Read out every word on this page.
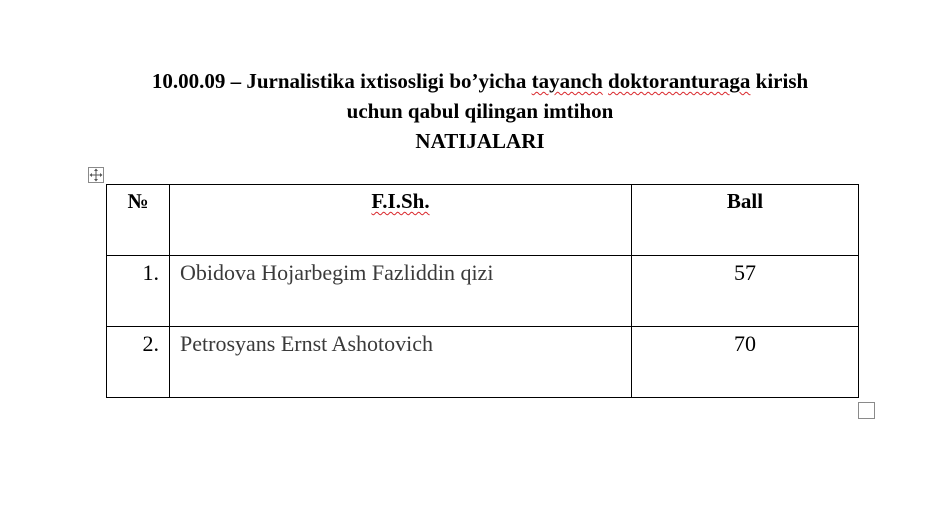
10.00.09 – Jurnalistika ixtisosligi bo’yicha tayanch doktoranturaga kirish
uchun qabul qilingan imtihon
NATIJALARI
№	F.I.Sh.	Ball
1.	Obidova Hojarbegim Fazliddin qizi	57
2.	Petrosyans Ernst Ashotovich	70
